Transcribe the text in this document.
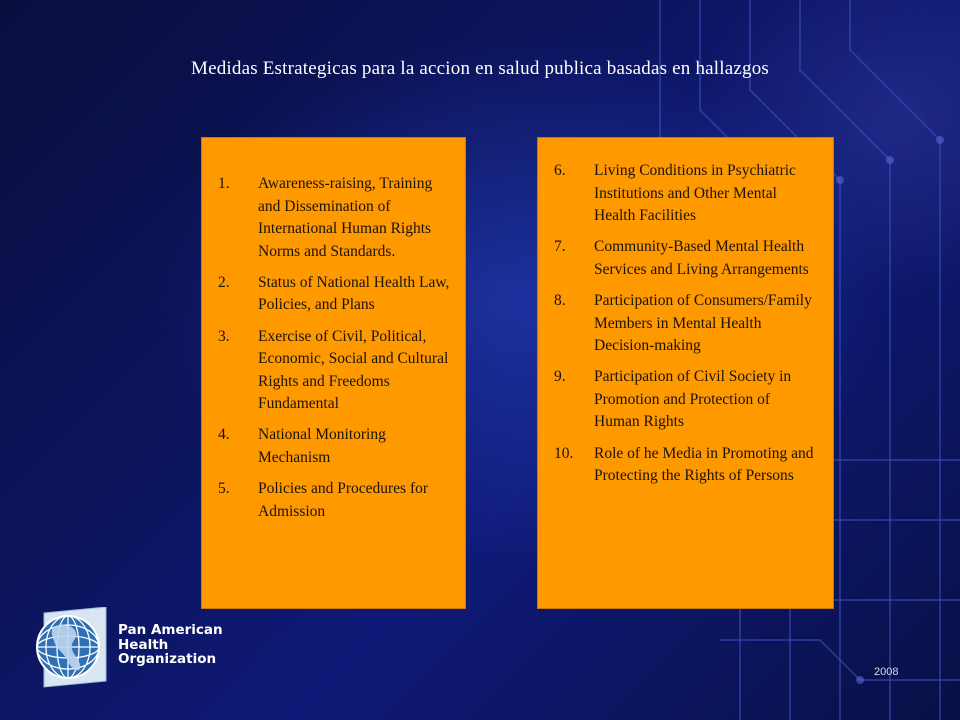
Medidas Estrategicas para la accion en salud publica basadas en hallazgos
1. Awareness-raising, Training and Dissemination of International Human Rights Norms and Standards.
2. Status of National Health Law, Policies, and Plans
3. Exercise of Civil, Political, Economic, Social and Cultural Rights and Freedoms Fundamental
4. National Monitoring Mechanism
5. Policies and Procedures for Admission
6. Living Conditions in Psychiatric Institutions and Other Mental Health Facilities
7. Community-Based Mental Health Services and Living Arrangements
8. Participation of Consumers/Family Members in Mental Health Decision-making
9. Participation of Civil Society in Promotion and Protection of Human Rights
10. Role of he Media in Promoting and Protecting the Rights of Persons
Pan American
Health
Organization
2008
